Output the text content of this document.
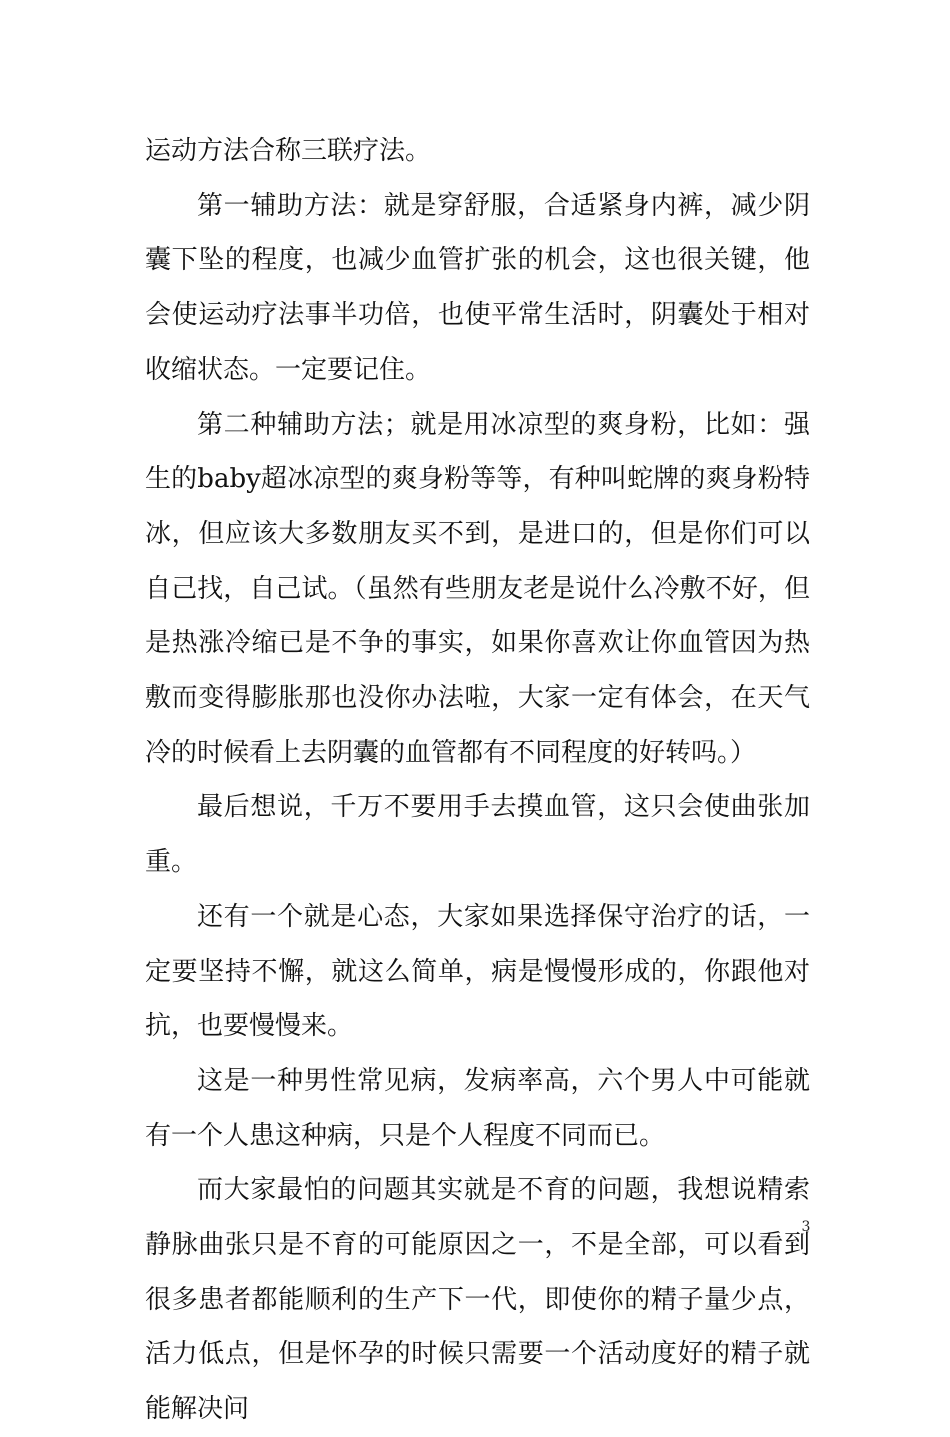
运动方法合称三联疗法。

第一辅助方法：就是穿舒服，合适紧身内裤，减少阴囊下坠的程度，也减少血管扩张的机会，这也很关键，他会使运动疗法事半功倍，也使平常生活时，阴囊处于相对收缩状态。一定要记住。

第二种辅助方法；就是用冰凉型的爽身粉，比如：强生的baby超冰凉型的爽身粉等等，有种叫蛇牌的爽身粉特冰，但应该大多数朋友买不到，是进口的，但是你们可以自己找，自己试。（虽然有些朋友老是说什么冷敷不好，但是热涨冷缩已是不争的事实，如果你喜欢让你血管因为热敷而变得膨胀那也没你办法啦，大家一定有体会，在天气冷的时候看上去阴囊的血管都有不同程度的好转吗。）

最后想说，千万不要用手去摸血管，这只会使曲张加重。

还有一个就是心态，大家如果选择保守治疗的话，一定要坚持不懈，就这么简单，病是慢慢形成的，你跟他对抗，也要慢慢来。

这是一种男性常见病，发病率高，六个男人中可能就有一个人患这种病，只是个人程度不同而已。

而大家最怕的问题其实就是不育的问题，我想说精索静脉曲张只是不育的可能原因之一，不是全部，可以看到很多患者都能顺利的生产下一代，即使你的精子量少点，活力低点，但是怀孕的时候只需要一个活动度好的精子就能解决问

3
